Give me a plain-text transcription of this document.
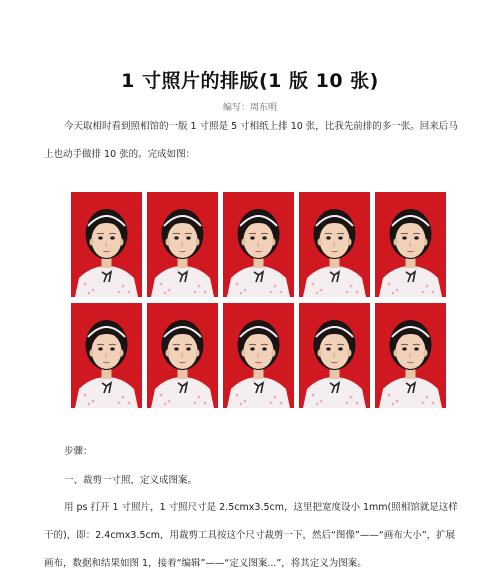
1 寸照片的排版(1 版 10 张)
编写：周东明

今天取相时看到照相馆的一版 1 寸照是 5 寸相纸上排 10 张，比我先前排的多一张。回来后马上也动手做排 10 张的。完成如图：

步骤：

一、裁剪一寸照，定义成图案。

用 ps 打开 1 寸照片，1 寸照尺寸是 2.5cmx3.5cm，这里把宽度设小 1mm(照相馆就是这样干的)，即：2.4cmx3.5cm，用裁剪工具按这个尺寸裁剪一下，然后“图像”——“画布大小”，扩展画布，数据和结果如图 1，接着“编辑”——“定义图案...”，将其定义为图案。
